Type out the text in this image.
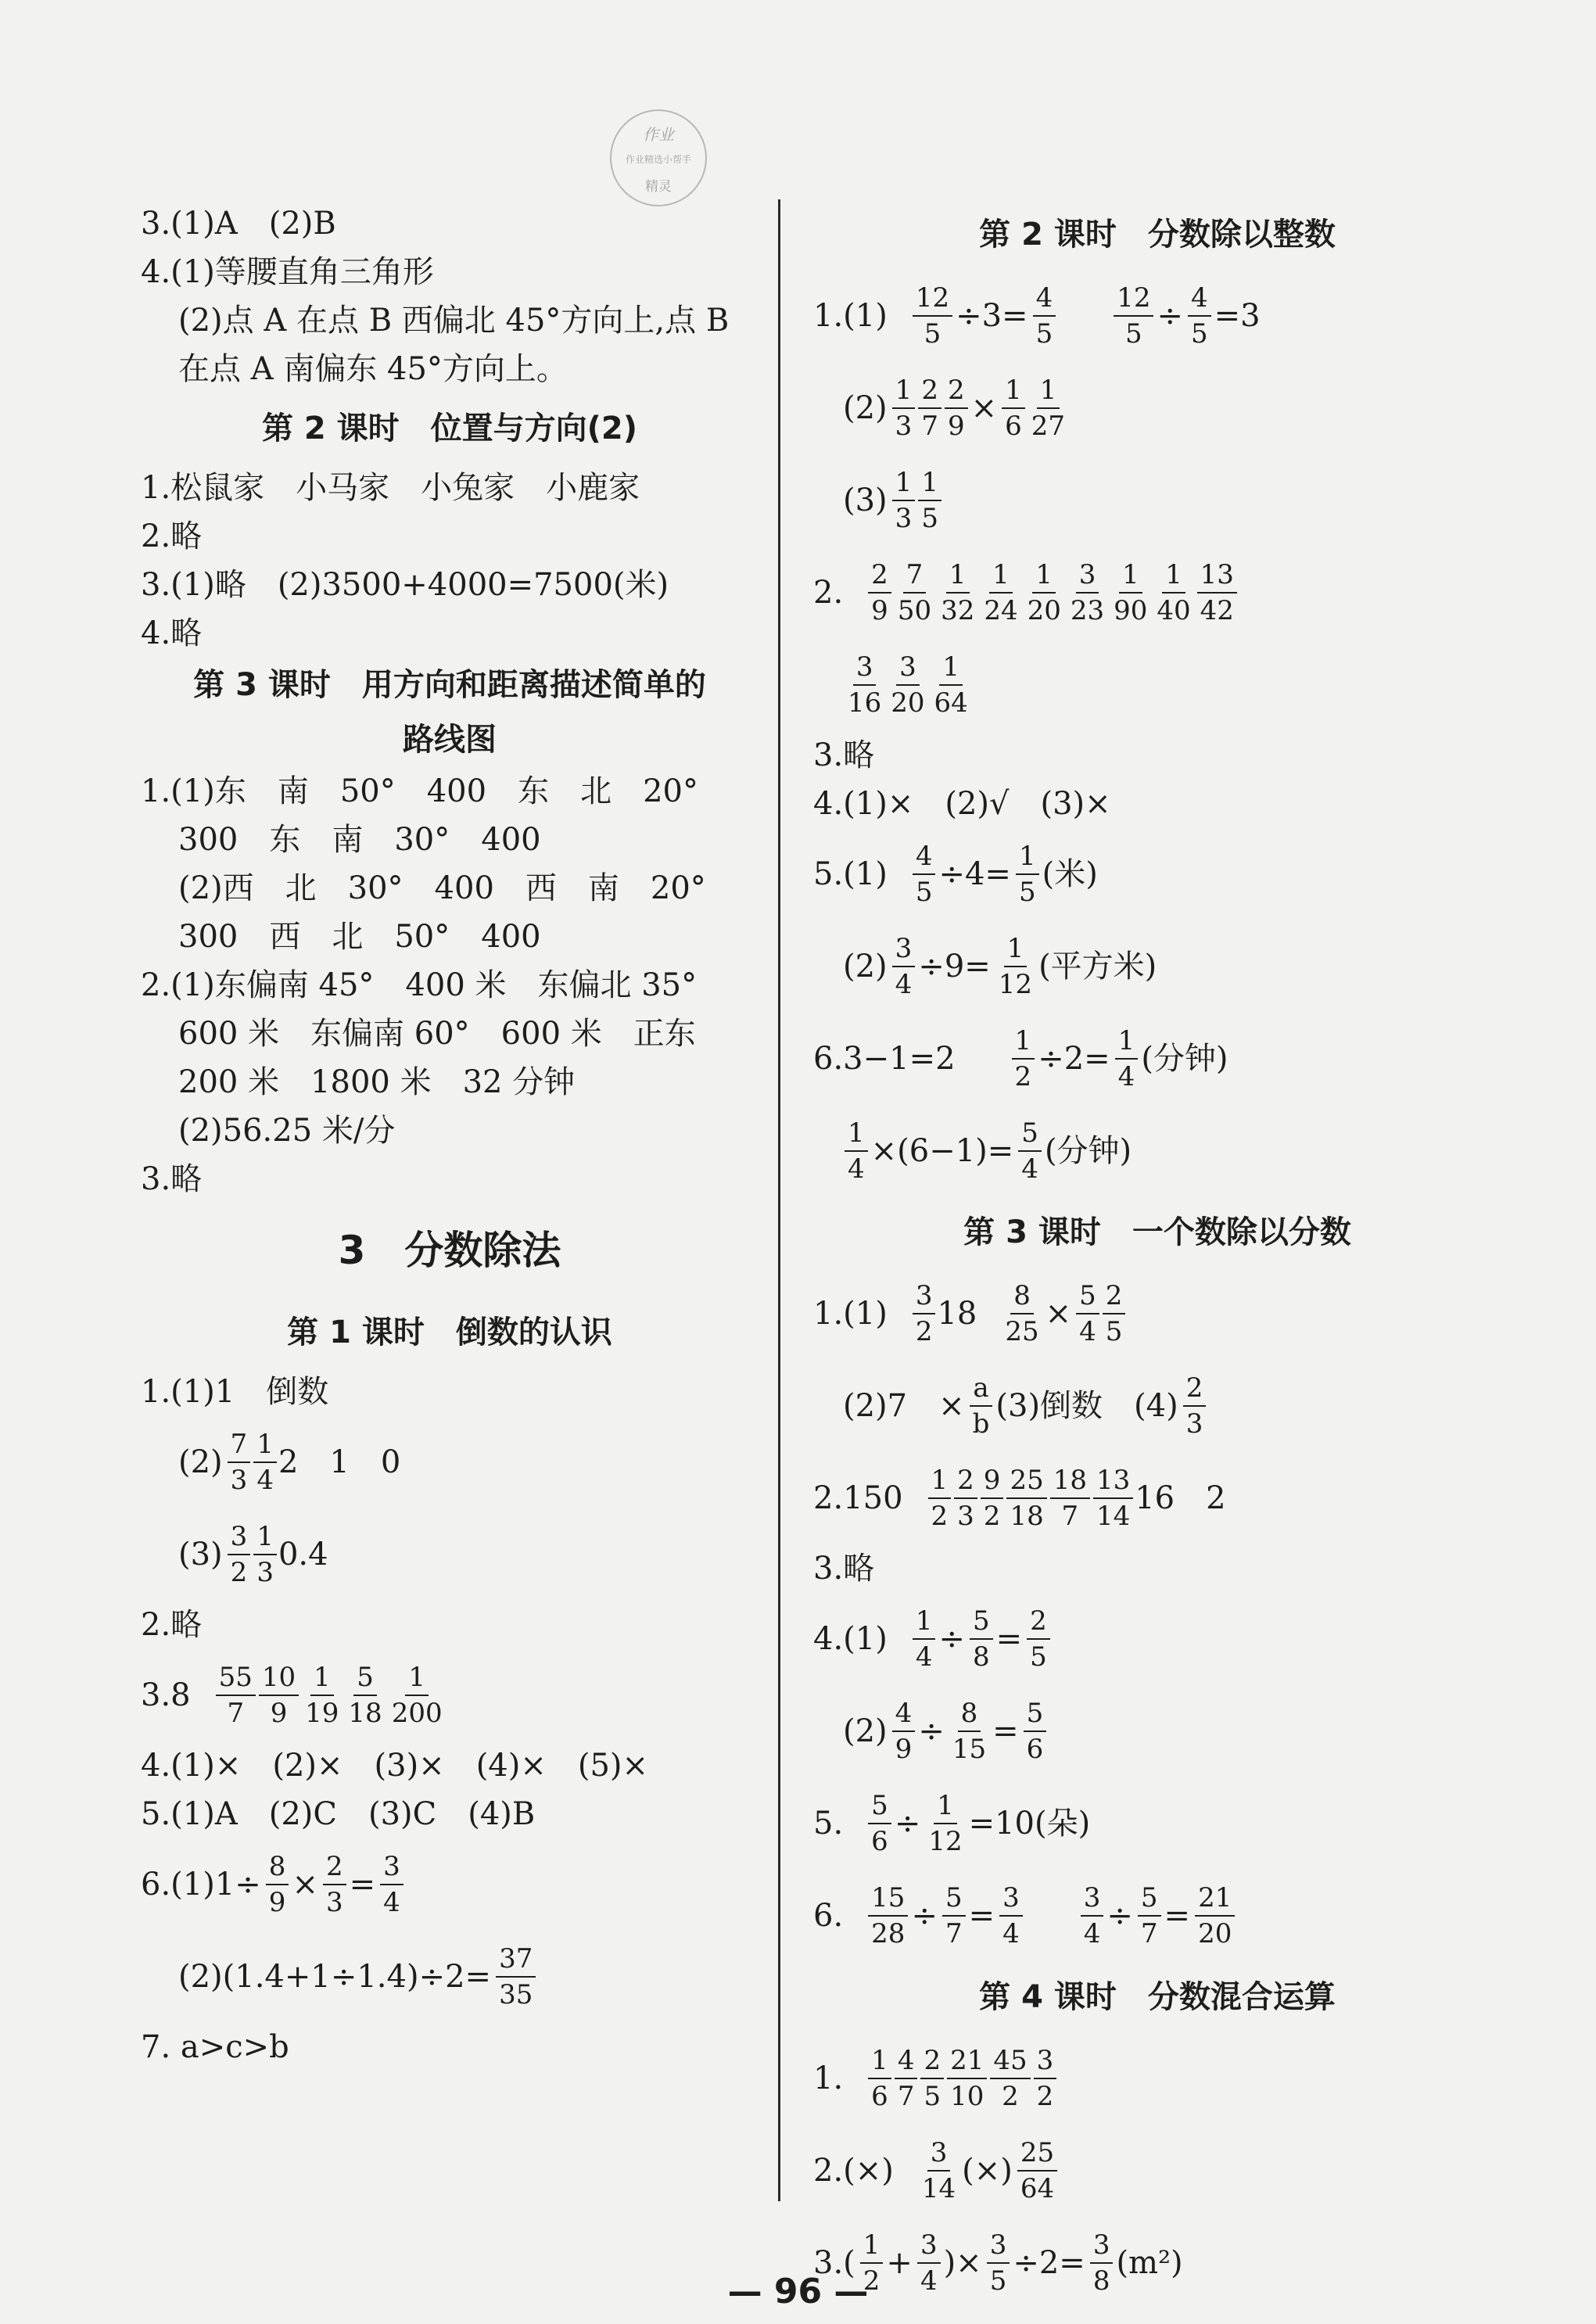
作业
作业精选小帮手
精灵
3.(1)A　(2)B
4.(1)等腰直角三角形
(2)点 A 在点 B 西偏北 45°方向上,点 B
在点 A 南偏东 45°方向上。
第 2 课时　位置与方向(2)
1.松鼠家　小马家　小兔家　小鹿家
2.略
3.(1)略　(2)3500+4000=7500(米)
4.略
第 3 课时　用方向和距离描述简单的
路线图
1.(1)东　南　50°　400　东　北　20°
300　东　南　30°　400
(2)西　北　30°　400　西　南　20°
300　西　北　50°　400
2.(1)东偏南 45°　400 米　东偏北 35°
600 米　东偏南 60°　600 米　正东
200 米　1800 米　32 分钟
(2)56.25 米/分
3.略
3　分数除法
第 1 课时　倒数的认识
1.(1)1　倒数
$(2) \frac{7}{3} \frac{1}{4} 2$　1　0
$(3) \frac{3}{2} \frac{1}{3} 0.4$
2.略
$3.8 \frac{55}{7} \frac{10}{9} \frac{1}{19} \frac{5}{18} \frac{1}{200}$
4.(1)×　(2)×　(3)×　(4)×　(5)×
5.(1)A　(2)C　(3)C　(4)B
$6.(1)1\div \frac{8}{9} \times \frac{2}{3} = \frac{3}{4}$
$(2)(1.4+1\div 1.4)\div 2= \frac{37}{35}$
7. a>c>b
第 2 课时　分数除以整数
$1.(1) \frac{12}{5} \div 3= \frac{4}{5}$
　 $\frac{12}{5} \div \frac{4}{5} =3$
$(2) \frac{1}{3} \frac{2}{7} \frac{2}{9} \times \frac{1}{6} \frac{1}{27}$
$(3) \frac{1}{3} \frac{1}{5}$
2. $\frac{2}{9} \frac{7}{50} \frac{1}{32} \frac{1}{24} \frac{1}{20} \frac{3}{23} \frac{1}{90} \frac{1}{40} \frac{13}{42}$
$\frac{3}{16} \frac{3}{20} \frac{1}{64}$
3.略
4.(1)×　(2)√　(3)×
$5.(1) \frac{4}{5} \div 4= \frac{1}{5}$ (米)
$(2) \frac{3}{4} \div 9= \frac{1}{12}$ (平方米)
6.3−1=2　 $\frac{1}{2} \div 2= \frac{1}{4}$ (分钟)
$\frac{1}{4} \times(6-1)= \frac{5}{4}$ (分钟)
第 3 课时　一个数除以分数
$1.(1) \frac{3}{2} 18 \frac{8}{25} \times \frac{5}{4} \frac{2}{5}$
(2)7　× $\frac{a}{b} (3)$倒数　$(4) \frac{2}{3}$
$2.150 \frac{1}{2} \frac{2}{3} \frac{9}{2} \frac{25}{18} \frac{18}{7} \frac{13}{14} 16$　2
3.略
$4.(1) \frac{1}{4} \div \frac{5}{8} = \frac{2}{5}$
$(2) \frac{4}{9} \div \frac{8}{15} = \frac{5}{6}$
5. $\frac{5}{6} \div \frac{1}{12} =10$(朵)
6. $\frac{15}{28} \div \frac{5}{7} = \frac{3}{4}$
　 $\frac{3}{4} \div \frac{5}{7} = \frac{21}{20}$
第 4 课时　分数混合运算
1. $\frac{1}{6} \frac{4}{7} \frac{2}{5} \frac{21}{10} \frac{45}{2} \frac{3}{2}$
$2.(\times) \frac{3}{14}$ (×) $\frac{25}{64}$
$3.( \frac{1}{2} + \frac{3}{4}$ )× $\frac{3}{5} \div 2= \frac{3}{8} (m^2)$
— 96 —
